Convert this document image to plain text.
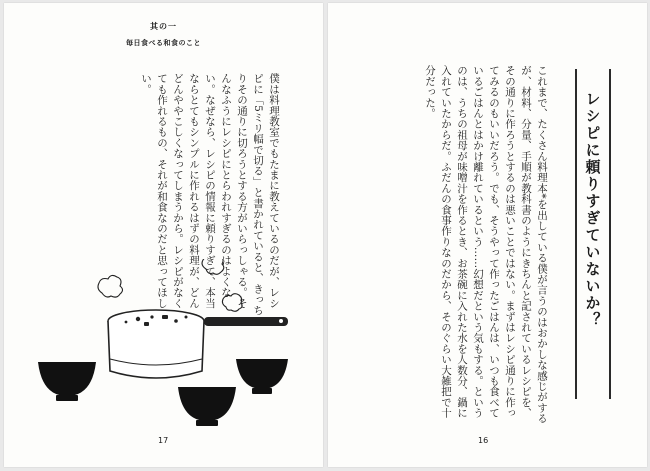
其の一
毎日食べる和食のこと
僕は料理教室でもたまに教えているのだが、レシピに「5ミリ幅で切る」と書かれていると、きっちりその通りに切ろうとする方がいらっしゃる。そんなふうにレシピにとらわれすぎるのはよくない。なぜなら、レシピの情報に頼りすぎて、本当ならとてもシンプルに作れるはずの料理が、どんどんややこしくなってしまうから。レシピがなくても作れるもの、それが和食なのだと思ってほしい。
17
レシピに頼りすぎていないか？
これまで、たくさん料理本*を出している僕が言うのはおかしな感じがするが、材料、分量、手順が教科書のようにきちんと記されているレシピを、その通りに作ろうとするのは悪いことではない。まずはレシピ通りに作ってみるのもいいだろう。でも、そうやって作ったごはんは、いつも食べているごはんとはかけ離れているという……幻想だという気もする。というのは、うちの祖母が味噌汁を作るとき、お茶碗に入れた水を人数分、鍋に入れていたからだ。ふだんの食事作りなのだから、そのぐらい大雑把で十分だった。
16
